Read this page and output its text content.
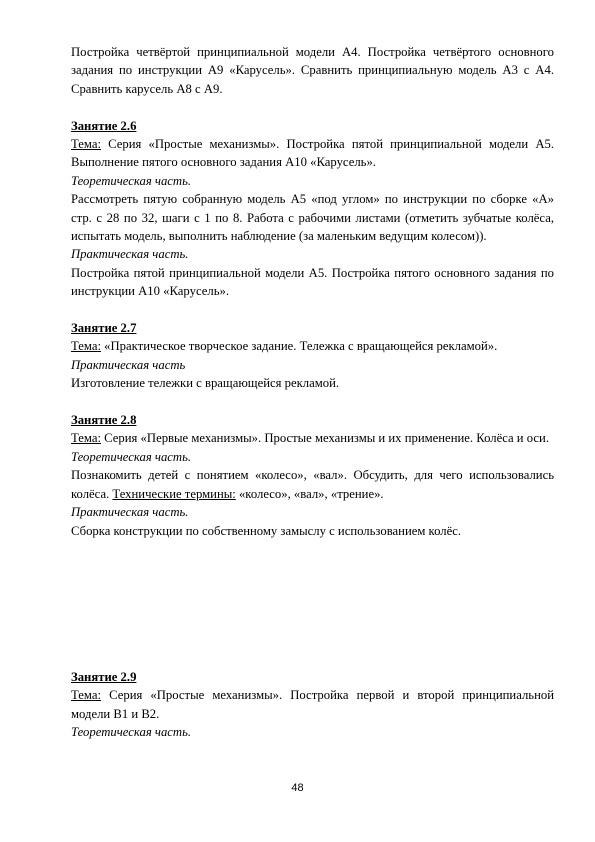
Постройка четвёртой принципиальной модели А4. Постройка четвёртого основного задания по инструкции А9 «Карусель». Сравнить принципиальную модель А3 с А4. Сравнить карусель А8 с А9.

Занятие 2.6

Тема: Серия «Простые механизмы». Постройка пятой принципиальной модели А5. Выполнение пятого основного задания А10 «Карусель».

Теоретическая часть.

Рассмотреть пятую собранную модель А5 «под углом» по инструкции по сборке «А» стр. с 28 по 32, шаги с 1 по 8. Работа с рабочими листами (отметить зубчатые колёса, испытать модель, выполнить наблюдение (за маленьким ведущим колесом)).

Практическая часть.

Постройка пятой принципиальной модели А5. Постройка пятого основного задания по инструкции А10 «Карусель».

Занятие 2.7

Тема: «Практическое творческое задание. Тележка с вращающейся рекламой».

Практическая часть

Изготовление тележки с вращающейся рекламой.

Занятие 2.8

Тема: Серия «Первые механизмы». Простые механизмы и их применение. Колёса и оси.

Теоретическая часть.

Познакомить детей с понятием «колесо», «вал». Обсудить, для чего использовались колёса. Технические термины: «колесо», «вал», «трение».

Практическая часть.

Сборка конструкции по собственному замыслу с использованием колёс.

Занятие 2.9

Тема: Серия «Простые механизмы». Постройка первой и второй принципиальной модели В1 и В2.

Теоретическая часть.

48
